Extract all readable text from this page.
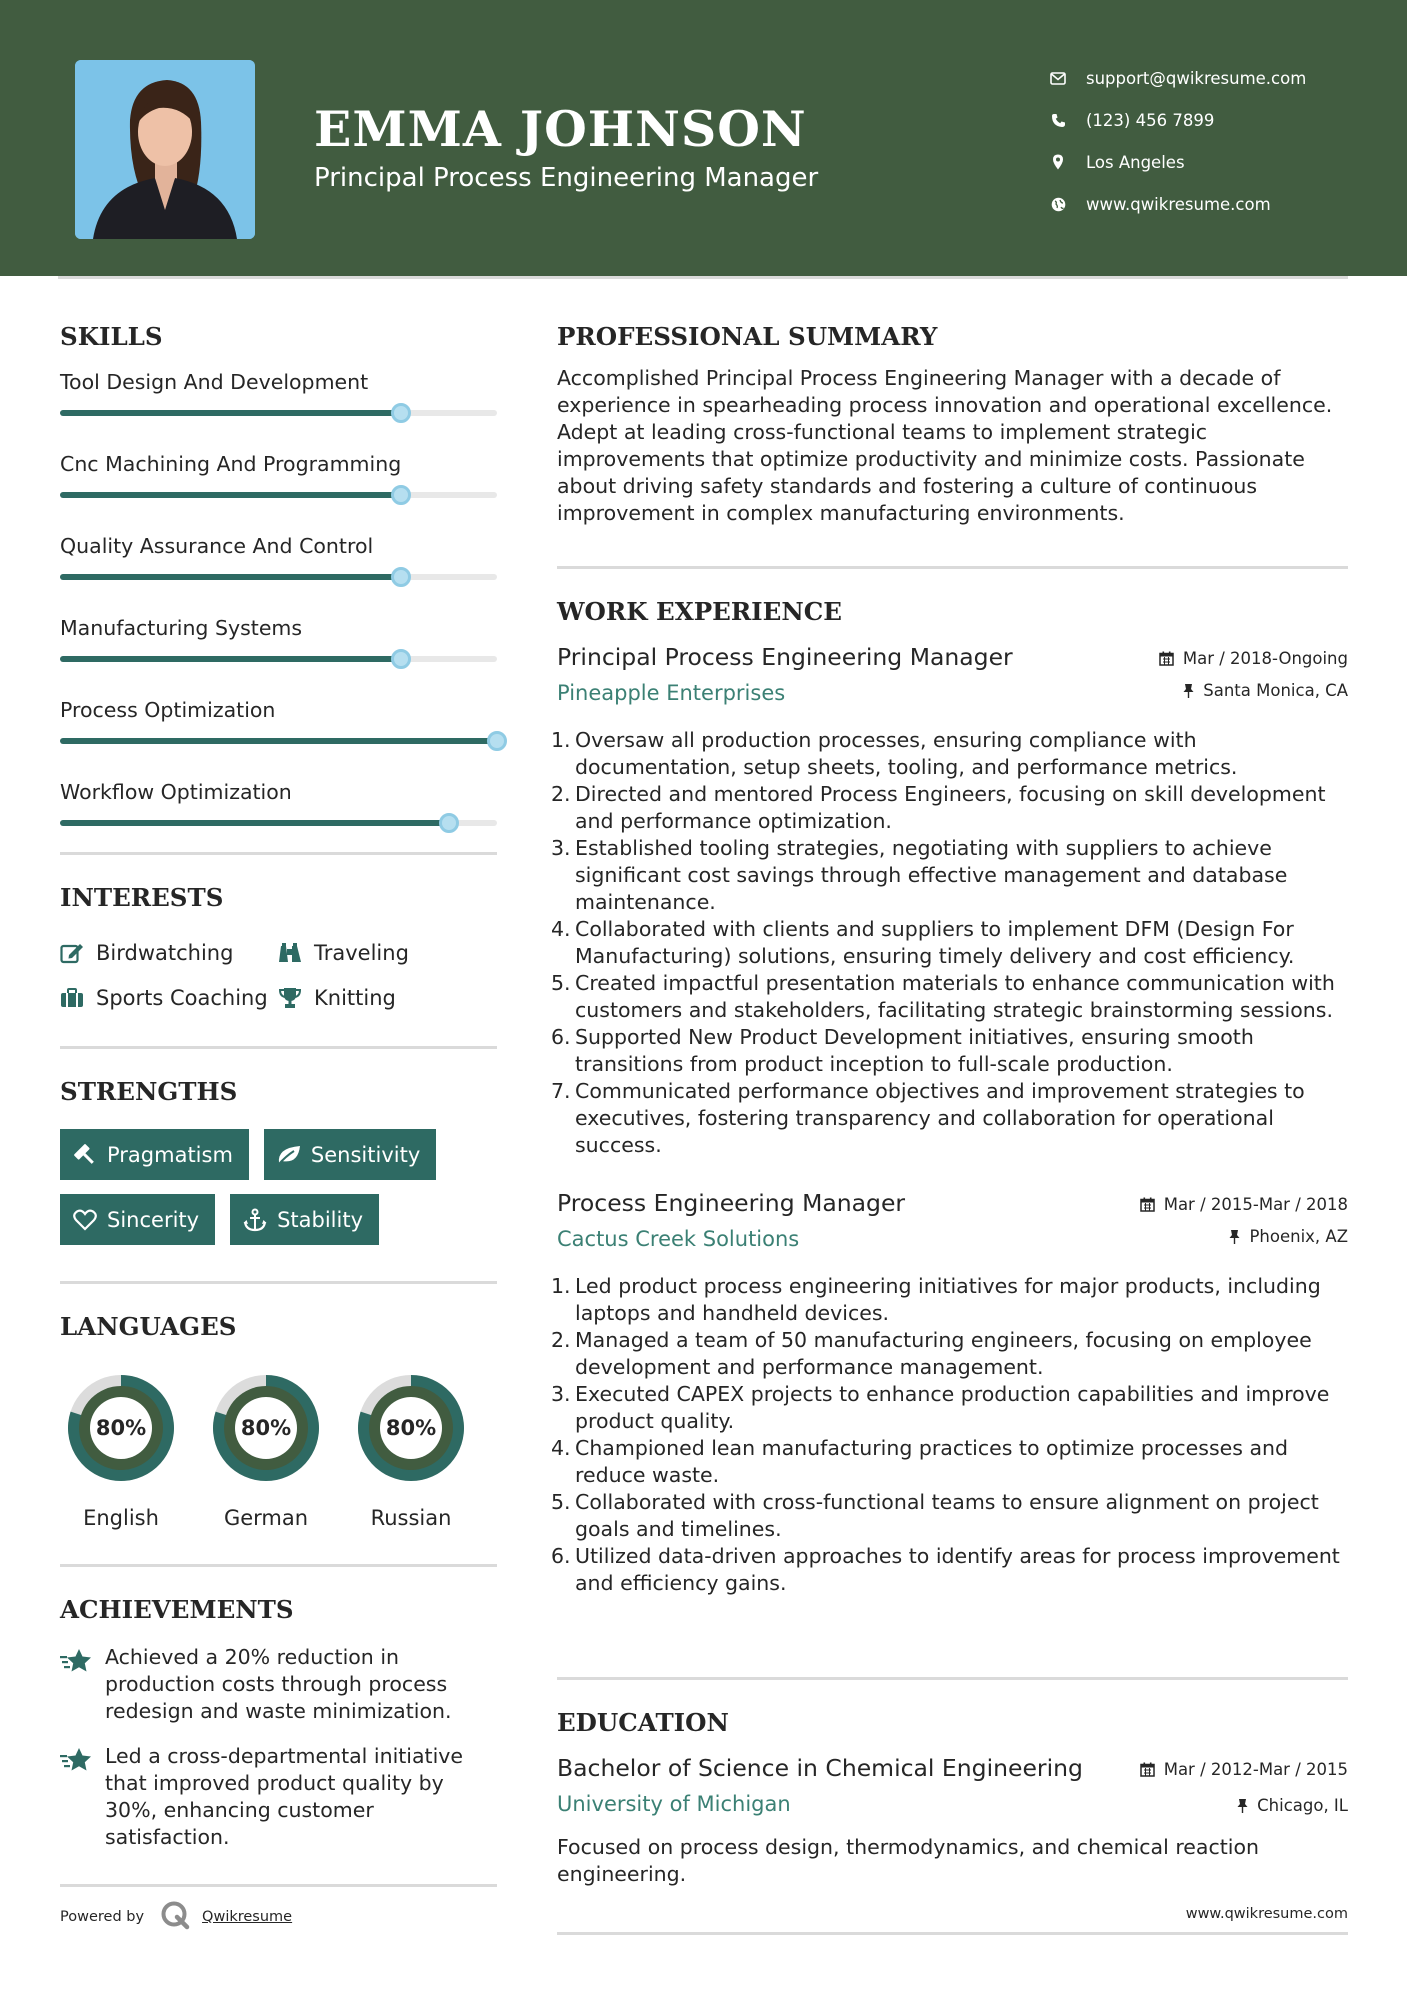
EMMA JOHNSON
Principal Process Engineering Manager
support@qwikresume.com
(123) 456 7899
Los Angeles
www.qwikresume.com
SKILLS
Tool Design And Development
Cnc Machining And Programming
Quality Assurance And Control
Manufacturing Systems
Process Optimization
Workflow Optimization
INTERESTS
Birdwatching	Traveling
Sports Coaching Knitting
STRENGTHS
Pragmatism	Sensitivity
Sincerity	Stability
LANGUAGES
80%
English
80%
German
80%
Russian
ACHIEVEMENTS
Achieved a 20% reduction in production costs through process redesign and waste minimization.
Led a cross-departmental initiative that improved product quality by 30%, enhancing customer satisfaction.
Powered by	Qwikresume
PROFESSIONAL SUMMARY
Accomplished Principal Process Engineering Manager with a decade of experience in spearheading process innovation and operational excellence. Adept at leading cross-functional teams to implement strategic improvements that optimize productivity and minimize costs. Passionate about driving safety standards and fostering a culture of continuous improvement in complex manufacturing environments.
WORK EXPERIENCE
Principal Process Engineering Manager
Pineapple Enterprises
Mar / 2018-Ongoing
Santa Monica, CA
1. Oversaw all production processes, ensuring compliance with documentation, setup sheets, tooling, and performance metrics.
2. Directed and mentored Process Engineers, focusing on skill development and performance optimization.
3. Established tooling strategies, negotiating with suppliers to achieve significant cost savings through effective management and database maintenance.
4. Collaborated with clients and suppliers to implement DFM (Design For Manufacturing) solutions, ensuring timely delivery and cost efficiency.
5. Created impactful presentation materials to enhance communication with customers and stakeholders, facilitating strategic brainstorming sessions.
6. Supported New Product Development initiatives, ensuring smooth transitions from product inception to full-scale production.
7. Communicated performance objectives and improvement strategies to executives, fostering transparency and collaboration for operational success.
Process Engineering Manager
Cactus Creek Solutions
Mar / 2015-Mar / 2018
Phoenix, AZ
1. Led product process engineering initiatives for major products, including laptops and handheld devices.
2. Managed a team of 50 manufacturing engineers, focusing on employee development and performance management.
3. Executed CAPEX projects to enhance production capabilities and improve product quality.
4. Championed lean manufacturing practices to optimize processes and reduce waste.
5. Collaborated with cross-functional teams to ensure alignment on project goals and timelines.
6. Utilized data-driven approaches to identify areas for process improvement and efficiency gains.
EDUCATION
Bachelor of Science in Chemical Engineering
University of Michigan
Mar / 2012-Mar / 2015
Chicago, IL
Focused on process design, thermodynamics, and chemical reaction engineering.
www.qwikresume.com
